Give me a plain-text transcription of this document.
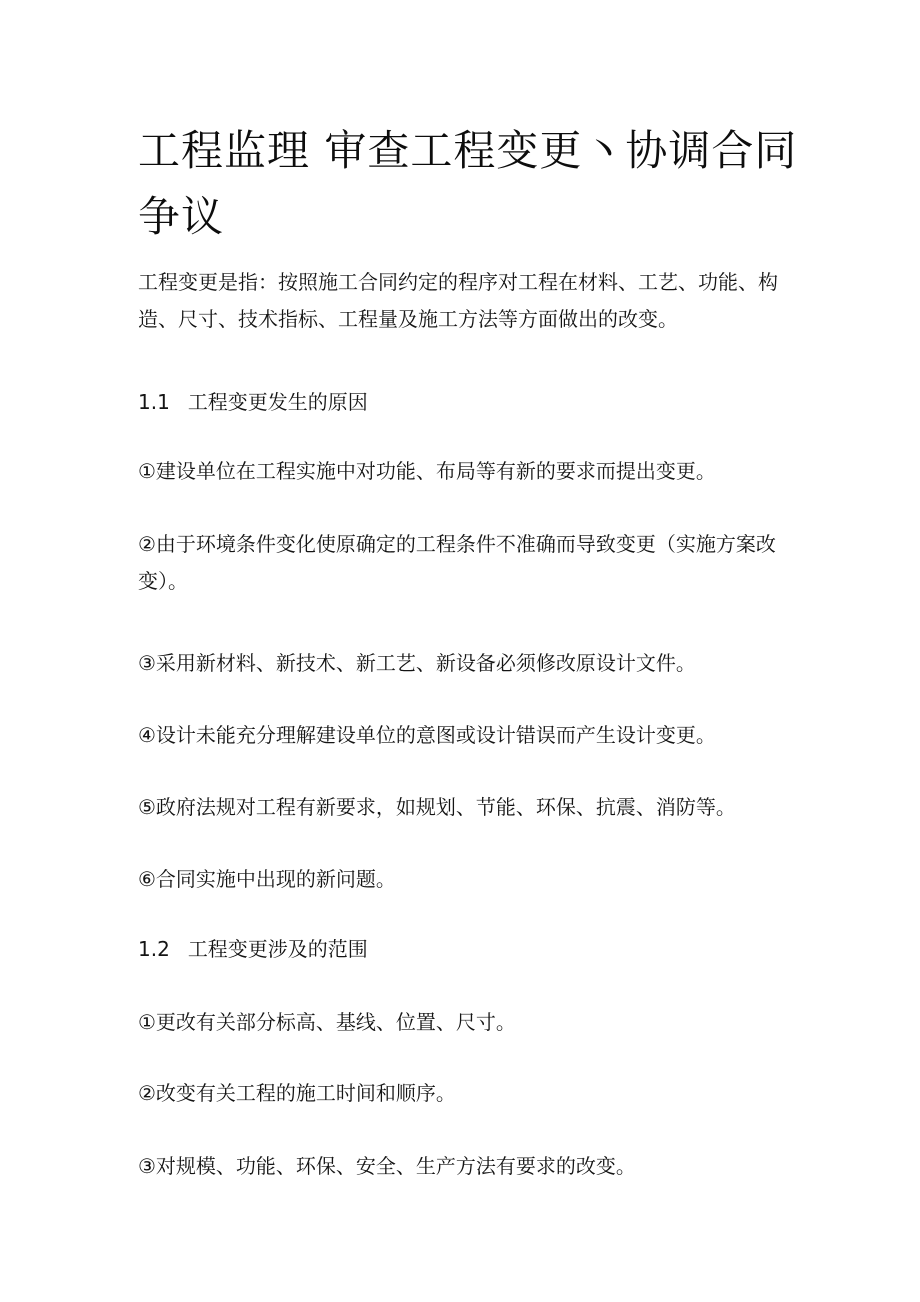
工程监理 审查工程变更丶协调合同争议

工程变更是指：按照施工合同约定的程序对工程在材料、工艺、功能、构造、尺寸、技术指标、工程量及施工方法等方面做出的改变。

1.1 工程变更发生的原因

①建设单位在工程实施中对功能、布局等有新的要求而提出变更。

②由于环境条件变化使原确定的工程条件不准确而导致变更（实施方案改变）。

③采用新材料、新技术、新工艺、新设备必须修改原设计文件。

④设计未能充分理解建设单位的意图或设计错误而产生设计变更。

⑤政府法规对工程有新要求，如规划、节能、环保、抗震、消防等。

⑥合同实施中出现的新问题。

1.2 工程变更涉及的范围

①更改有关部分标高、基线、位置、尺寸。

②改变有关工程的施工时间和顺序。

③对规模、功能、环保、安全、生产方法有要求的改变。
